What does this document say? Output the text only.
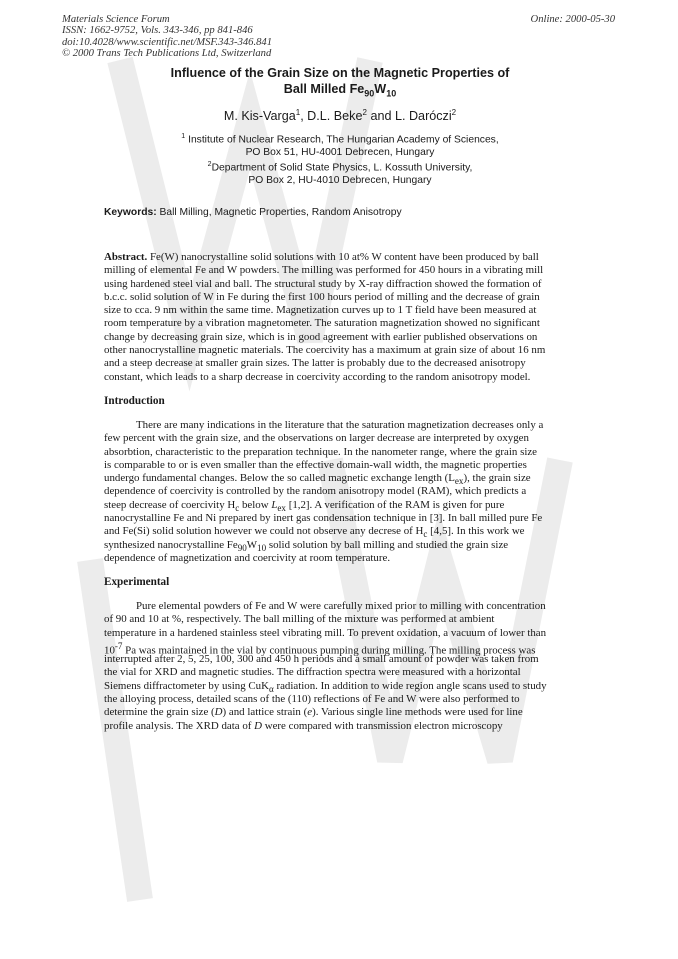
Materials Science Forum
ISSN: 1662-9752, Vols. 343-346, pp 841-846
doi:10.4028/www.scientific.net/MSF.343-346.841
© 2000 Trans Tech Publications Ltd, Switzerland
Online: 2000-05-30
Influence of the Grain Size on the Magnetic Properties of
Ball Milled $Fe_{90}W_{10}$
M. Kis-Varga$^1$, D.L. Beke$^2$ and L. Daróczi$^2$
$^1$ Institute of Nuclear Research, The Hungarian Academy of Sciences,
PO Box 51, HU-4001 Debrecen, Hungary
$^2$Department of Solid State Physics, L. Kossuth University,
PO Box 2, HU-4010 Debrecen, Hungary
Keywords: Ball Milling, Magnetic Properties, Random Anisotropy
Abstract. Fe(W) nanocrystalline solid solutions with 10 at% W content have been produced by ball
milling of elemental Fe and W powders. The milling was performed for 450 hours in a vibrating mill
using hardened steel vial and ball. The structural study by X-ray diffraction showed the formation of
b.c.c. solid solution of W in Fe during the first 100 hours period of milling and the decrease of grain
size to cca. 9 nm within the same time. Magnetization curves up to 1 T field have been measured at
room temperature by a vibration magnetometer. The saturation magnetization showed no significant
change by decreasing grain size, which is in good agreement with earlier published observations on
other nanocrystalline magnetic materials. The coercivity has a maximum at grain size of about 16 nm
and a steep decrease at smaller grain sizes. The latter is probably due to the decreased anisotropy
constant, which leads to a sharp decrease in coercivity according to the random anisotropy model.
Introduction
There are many indications in the literature that the saturation magnetization decreases only a
few percent with the grain size, and the observations on larger decrease are interpreted by oxygen
absorbtion, characteristic to the preparation technique. In the nanometer range, where the grain size
is comparable to or is even smaller than the effective domain-wall width, the magnetic properties
undergo fundamental changes. Below the so called magnetic exchange length $(L_{ex})$, the grain size
dependence of coercivity is controlled by the random anisotropy model (RAM), which predicts a
steep decrease of coercivity $H_c$ below $L_{ex}$ [1,2]. A verification of the RAM is given for pure
nanocrystalline Fe and Ni prepared by inert gas condensation technique in [3]. In ball milled pure Fe
and Fe(Si) solid solution however we could not observe any decrese of $H_c$ [4,5]. In this work we
synthesized nanocrystalline $Fe_{90}W_{10}$ solid solution by ball milling and studied the grain size
dependence of magnetization and coercivity at room temperature.
Experimental
Pure elemental powders of Fe and W were carefully mixed prior to milling with concentration
of 90 and 10 at %, respectively. The ball milling of the mixture was performed at ambient
temperature in a hardened stainless steel vibrating mill. To prevent oxidation, a vacuum of lower than
$10^{-7}$ Pa was maintained in the vial by continuous pumping during milling. The milling process was
interrupted after 2, 5, 25, 100, 300 and 450 h periods and a small amount of powder was taken from
the vial for XRD and magnetic studies. The diffraction spectra were measured with a horizontal
Siemens diffractometer by using CuK$_\alpha$ radiation. In addition to wide region angle scans used to study
the alloying process, detailed scans of the (110) reflections of Fe and W were also performed to
determine the grain size (D) and lattice strain (e). Various single line methods were used for line
profile analysis. The XRD data of D were compared with transmission electron microscopy
